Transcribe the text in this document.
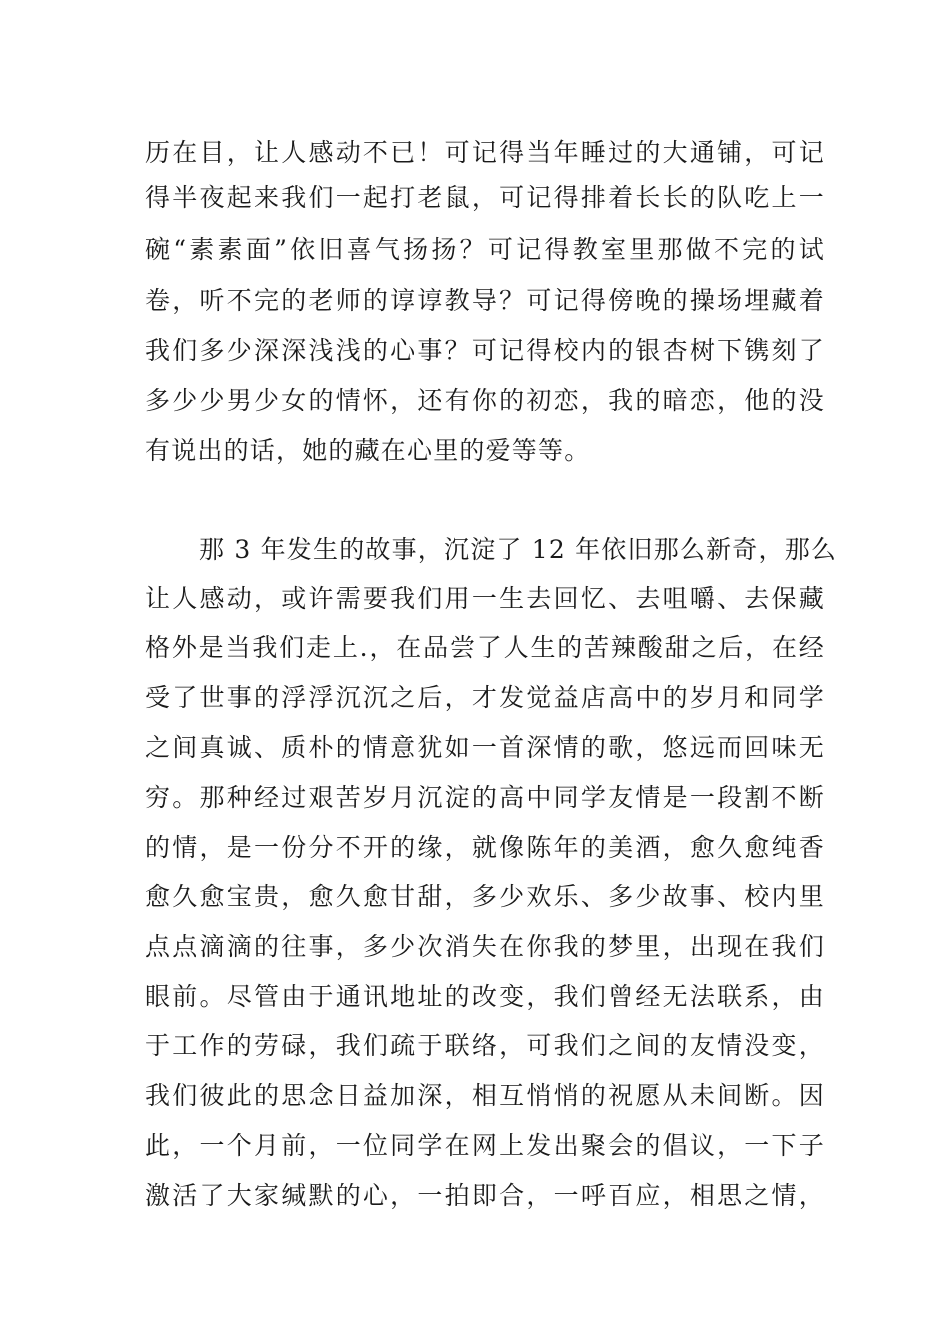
历在目，让人感动不已！可记得当年睡过的大通铺，可记
得半夜起来我们一起打老鼠，可记得排着长长的队吃上一
碗“素素面”依旧喜气扬扬？可记得教室里那做不完的试
卷，听不完的老师的谆谆教导？可记得傍晚的操场埋藏着
我们多少深深浅浅的心事？可记得校内的银杏树下镌刻了
多少少男少女的情怀，还有你的初恋，我的暗恋，他的没
有说出的话，她的藏在心里的爱等等。
那 3 年发生的故事，沉淀了 12 年依旧那么新奇，那么
让人感动，或许需要我们用一生去回忆、去咀嚼、去保藏
格外是当我们走上.，在品尝了人生的苦辣酸甜之后，在经
受了世事的浮浮沉沉之后，才发觉益店高中的岁月和同学
之间真诚、质朴的情意犹如一首深情的歌，悠远而回味无
穷。那种经过艰苦岁月沉淀的高中同学友情是一段割不断
的情，是一份分不开的缘，就像陈年的美酒，愈久愈纯香
愈久愈宝贵，愈久愈甘甜，多少欢乐、多少故事、校内里
点点滴滴的往事，多少次消失在你我的梦里，出现在我们
眼前。尽管由于通讯地址的改变，我们曾经无法联系，由
于工作的劳碌，我们疏于联络，可我们之间的友情没变，
我们彼此的思念日益加深，相互悄悄的祝愿从未间断。因
此，一个月前，一位同学在网上发出聚会的倡议，一下子
激活了大家缄默的心，一拍即合，一呼百应，相思之情，
